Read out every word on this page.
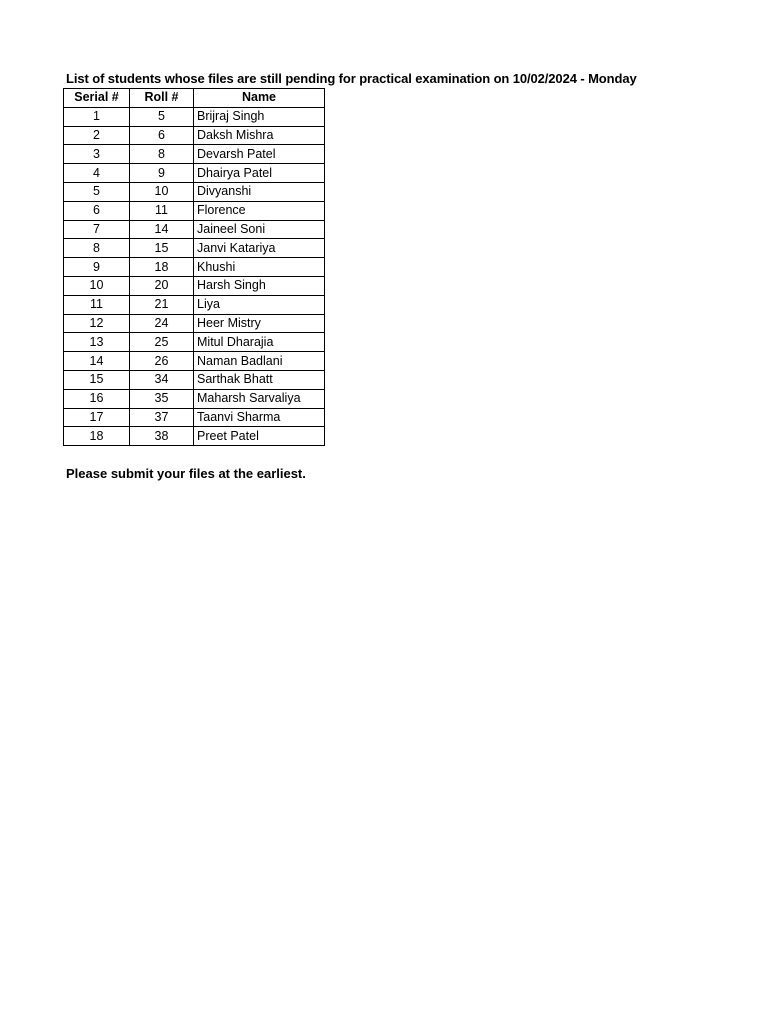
List of students whose files are still pending for practical examination on 10/02/2024 - Monday
Serial #	Roll #	Name
1	5	Brijraj Singh
2	6	Daksh Mishra
3	8	Devarsh Patel
4	9	Dhairya Patel
5	10	Divyanshi
6	11	Florence
7	14	Jaineel Soni
8	15	Janvi Katariya
9	18	Khushi
10	20	Harsh Singh
11	21	Liya
12	24	Heer Mistry
13	25	Mitul Dharajia
14	26	Naman Badlani
15	34	Sarthak Bhatt
16	35	Maharsh Sarvaliya
17	37	Taanvi Sharma
18	38	Preet Patel
Please submit your files at the earliest.
